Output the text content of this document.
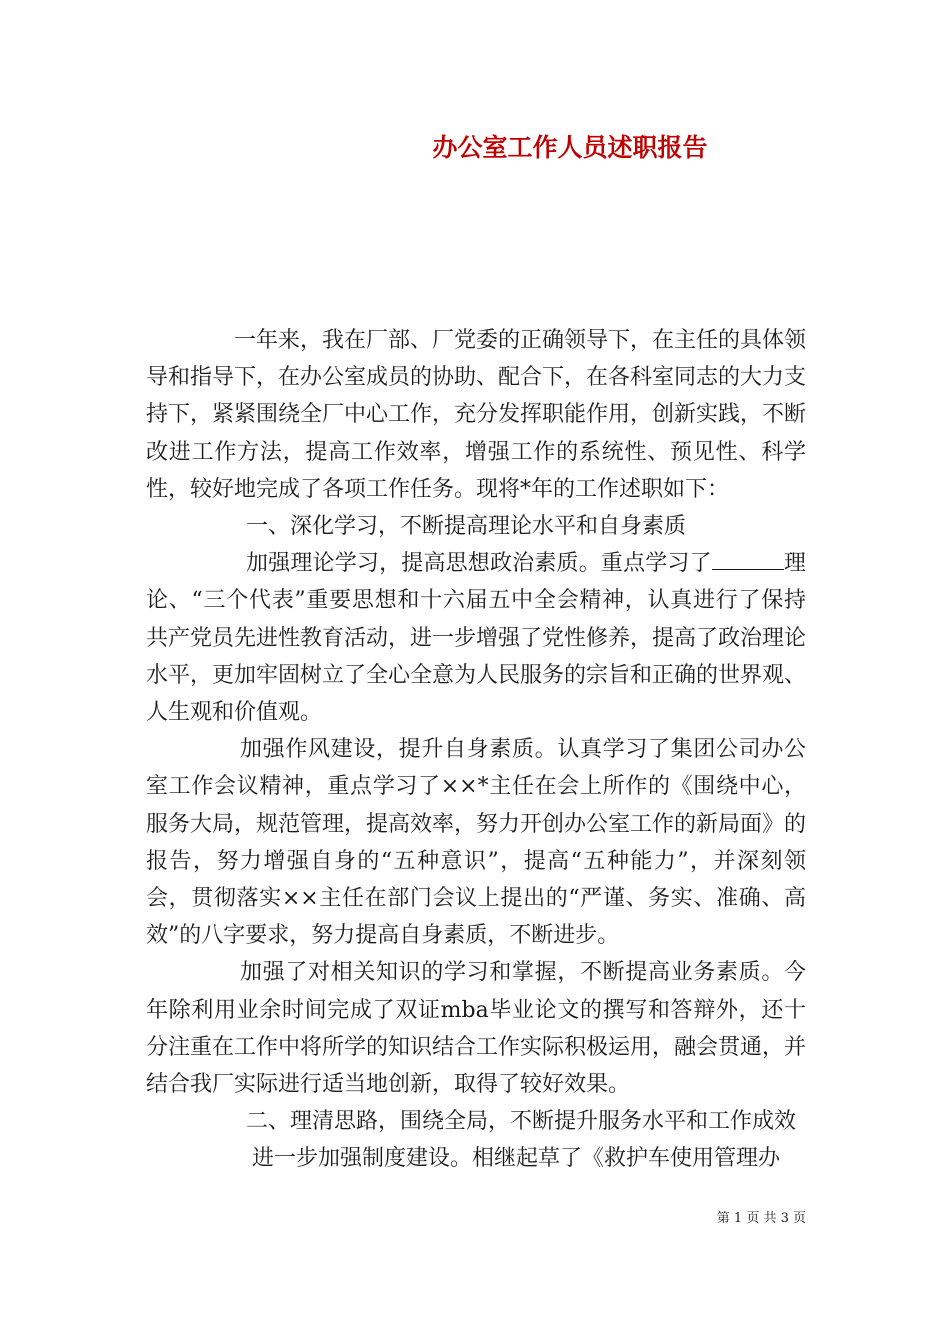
办公室工作人员述职报告

一年来，我在厂部、厂党委的正确领导下，在主任的具体领导和指导下，在办公室成员的协助、配合下，在各科室同志的大力支持下，紧紧围绕全厂中心工作，充分发挥职能作用，创新实践，不断改进工作方法，提高工作效率，增强工作的系统性、预见性、科学性，较好地完成了各项工作任务。现将*年的工作述职如下：

一、深化学习，不断提高理论水平和自身素质

加强理论学习，提高思想政治素质。重点学习了	理论、“三个代表”重要思想和十六届五中全会精神，认真进行了保持共产党员先进性教育活动，进一步增强了党性修养，提高了政治理论水平，更加牢固树立了全心全意为人民服务的宗旨和正确的世界观、人生观和价值观。

加强作风建设，提升自身素质。认真学习了集团公司办公室工作会议精神，重点学习了××*主任在会上所作的《围绕中心，服务大局，规范管理，提高效率，努力开创办公室工作的新局面》的报告，努力增强自身的“五种意识”，提高“五种能力”，并深刻领会，贯彻落实××主任在部门会议上提出的“严谨、务实、准确、高效”的八字要求，努力提高自身素质，不断进步。

加强了对相关知识的学习和掌握，不断提高业务素质。今年除利用业余时间完成了双证mba毕业论文的撰写和答辩外，还十分注重在工作中将所学的知识结合工作实际积极运用，融会贯通，并结合我厂实际进行适当地创新，取得了较好效果。

二、理清思路，围绕全局，不断提升服务水平和工作成效

进一步加强制度建设。相继起草了《救护车使用管理办

第 1 页 共 3 页
